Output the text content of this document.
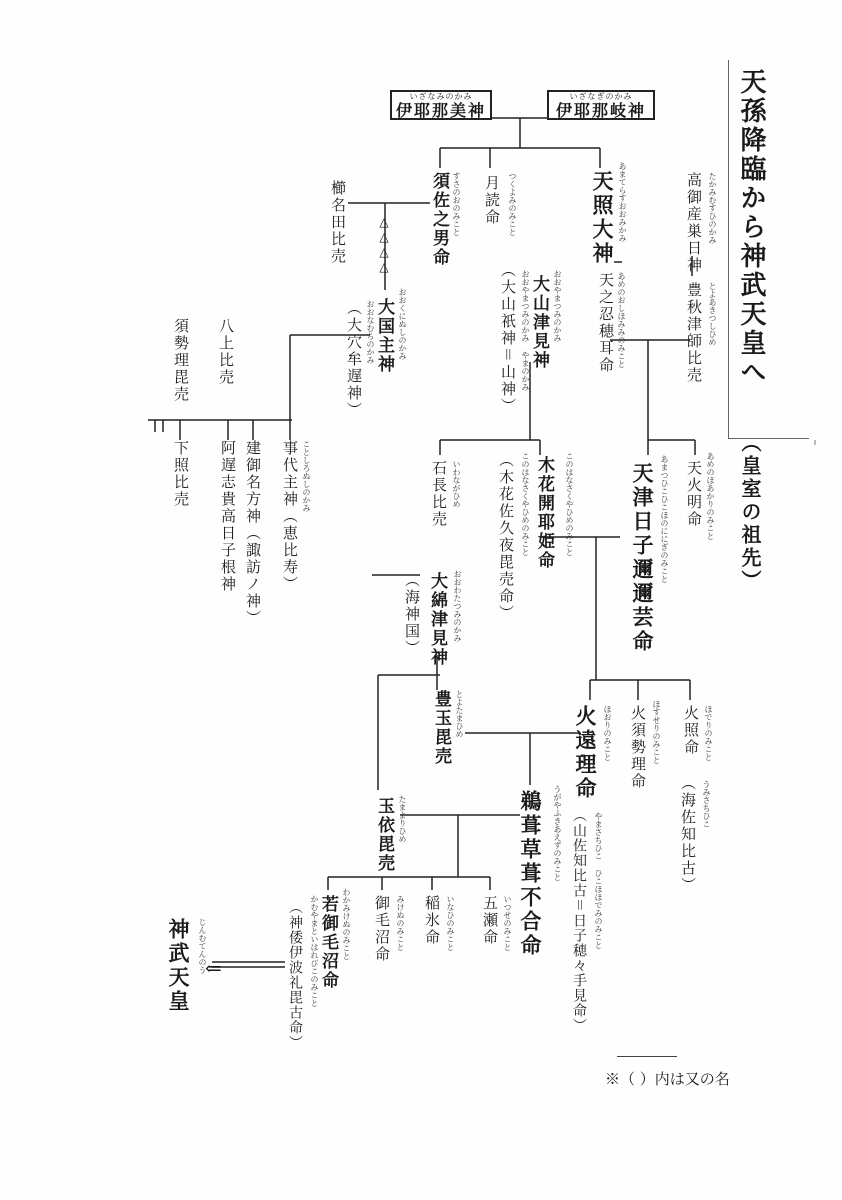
天孫降臨から神武天皇へ
（皇室の祖先）
いざなみのかみ
伊耶那美神
いざなぎのかみ
伊耶那岐神
たかみむすひのかみ
高御産巣日神
とよあきつしひめ
豊秋津師比売
あまてらすおおみかみ
天照大神
あめのおしほみみのみこと
天之忍穂耳命
つくよみのみこと
月読命
すさのおのみこと
須佐之男命
櫛名田比売	△△△△
おおくにぬしのかみ
大国主神
おおなむちのかみ
（大穴牟遅神）	おおやまつみのかみ
大山津見神
おおやまつみのかみ やまのかみ
（大山祇神＝山神）
あめのほあかりのみこと
天火明命
あまつひこひこほのににぎのみこと
天津日子邇邇芸命
このはなさくやひめのみこと
木花開耶姫命
このはなさくやひめのみこと
（木花佐久夜毘売命）
いわながひめ
石長比売
八上比売
須勢理毘売
下照比売	ことしろぬしのかみ
事代主神（恵比寿）
建御名方神（諏訪ノ神）
阿遅志貴高日子根神
おおわたつみのかみ
大綿津見神
（海神国）
ほでりのみこと
火照命
うみさちひこ
（海佐知比古）
ほすせりのみこと
火須勢理命
ほおりのみこと
火遠理命
やまさちひこ ひこほほでみのみこと
（山佐知比古＝日子穂々手見命）
とよたまひめ
豊玉毘売
うがやふきあえずのみこと
鵜葺草葺不合命
たまよりひめ
玉依毘売
いつせのみこと
五瀬命
いなひのみこと
稲氷命
みけぬのみこと
御毛沼命
わかみけぬのみこと
若御毛沼命
かむやまといはれびこのみこと
（神倭伊波礼毘古命）
⇐
じんむてんのう
神武天皇
※（ ）内は又の名
